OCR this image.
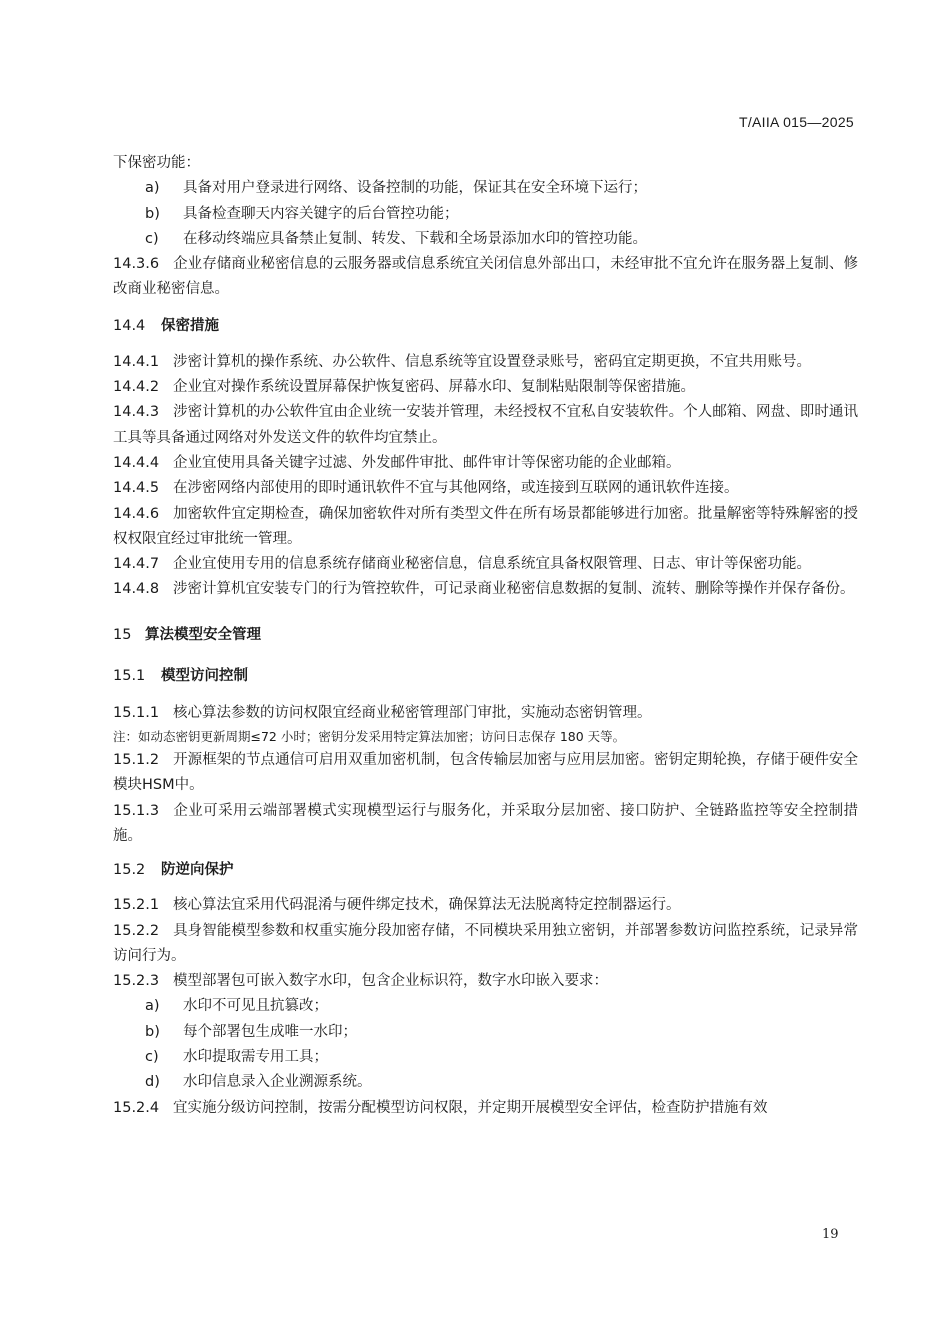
T/AIIA 015—2025

下保密功能：

a) 具备对用户登录进行网络、设备控制的功能，保证其在安全环境下运行；

b) 具备检查聊天内容关键字的后台管控功能；

c) 在移动终端应具备禁止复制、转发、下载和全场景添加水印的管控功能。

14.3.6 企业存储商业秘密信息的云服务器或信息系统宜关闭信息外部出口，未经审批不宜允许在服务器上复制、修改商业秘密信息。

14.4 保密措施

14.4.1 涉密计算机的操作系统、办公软件、信息系统等宜设置登录账号，密码宜定期更换，不宜共用账号。

14.4.2 企业宜对操作系统设置屏幕保护恢复密码、屏幕水印、复制粘贴限制等保密措施。

14.4.3 涉密计算机的办公软件宜由企业统一安装并管理，未经授权不宜私自安装软件。个人邮箱、网盘、即时通讯工具等具备通过网络对外发送文件的软件均宜禁止。

14.4.4 企业宜使用具备关键字过滤、外发邮件审批、邮件审计等保密功能的企业邮箱。

14.4.5 在涉密网络内部使用的即时通讯软件不宜与其他网络，或连接到互联网的通讯软件连接。

14.4.6 加密软件宜定期检查，确保加密软件对所有类型文件在所有场景都能够进行加密。批量解密等特殊解密的授权权限宜经过审批统一管理。

14.4.7 企业宜使用专用的信息系统存储商业秘密信息，信息系统宜具备权限管理、日志、审计等保密功能。

14.4.8 涉密计算机宜安装专门的行为管控软件，可记录商业秘密信息数据的复制、流转、删除等操作并保存备份。

15 算法模型安全管理
15.1 模型访问控制

15.1.1 核心算法参数的访问权限宜经商业秘密管理部门审批，实施动态密钥管理。

注：如动态密钥更新周期≤72 小时；密钥分发采用特定算法加密；访问日志保存 180 天等。

15.1.2 开源框架的节点通信可启用双重加密机制，包含传输层加密与应用层加密。密钥定期轮换，存储于硬件安全模块HSM中。

15.1.3 企业可采用云端部署模式实现模型运行与服务化，并采取分层加密、接口防护、全链路监控等安全控制措施。

15.2 防逆向保护

15.2.1 核心算法宜采用代码混淆与硬件绑定技术，确保算法无法脱离特定控制器运行。

15.2.2 具身智能模型参数和权重实施分段加密存储，不同模块采用独立密钥，并部署参数访问监控系统，记录异常访问行为。

15.2.3 模型部署包可嵌入数字水印，包含企业标识符，数字水印嵌入要求：

a) 水印不可见且抗篡改；

b) 每个部署包生成唯一水印；

c) 水印提取需专用工具；

d) 水印信息录入企业溯源系统。

15.2.4 宜实施分级访问控制，按需分配模型访问权限，并定期开展模型安全评估，检查防护措施有效

19
